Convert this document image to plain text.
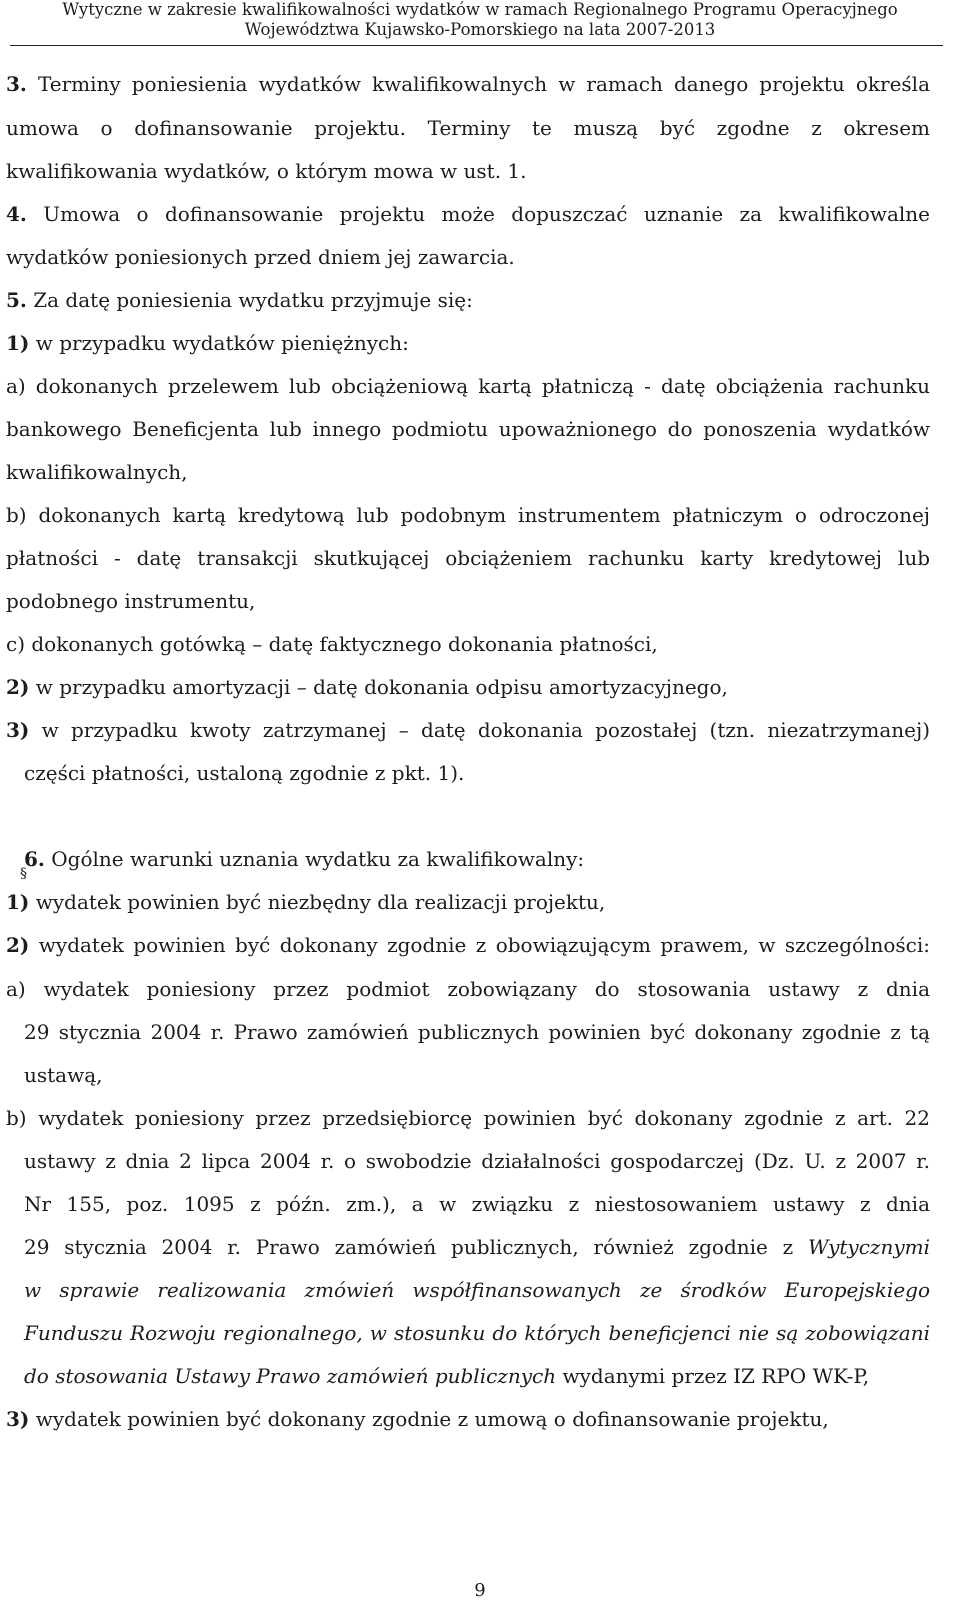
Wytyczne w zakresie kwalifikowalności wydatków w ramach Regionalnego Programu Operacyjnego
Województwa Kujawsko-Pomorskiego na lata 2007-2013
3. Terminy poniesienia wydatków kwalifikowalnych w ramach danego projektu określa
umowa o dofinansowanie projektu. Terminy te muszą być zgodne z okresem
kwalifikowania wydatków, o którym mowa w ust. 1.
4. Umowa o dofinansowanie projektu może dopuszczać uznanie za kwalifikowalne
wydatków poniesionych przed dniem jej zawarcia.
5. Za datę poniesienia wydatku przyjmuje się:
1) w przypadku wydatków pieniężnych:
a) dokonanych przelewem lub obciążeniową kartą płatniczą - datę obciążenia rachunku
bankowego Beneficjenta lub innego podmiotu upoważnionego do ponoszenia wydatków
kwalifikowalnych,
b) dokonanych kartą kredytową lub podobnym instrumentem płatniczym o odroczonej
płatności - datę transakcji skutkującej obciążeniem rachunku karty kredytowej lub
podobnego instrumentu,
c) dokonanych gotówką – datę faktycznego dokonania płatności,
2) w przypadku amortyzacji – datę dokonania odpisu amortyzacyjnego,
3) w przypadku kwoty zatrzymanej – datę dokonania pozostałej (tzn. niezatrzymanej)
części płatności, ustaloną zgodnie z pkt. 1).
§
6. Ogólne warunki uznania wydatku za kwalifikowalny:
1) wydatek powinien być niezbędny dla realizacji projektu,
2) wydatek powinien być dokonany zgodnie z obowiązującym prawem, w szczególności:
a) wydatek poniesiony przez podmiot zobowiązany do stosowania ustawy z dnia
29 stycznia 2004 r. Prawo zamówień publicznych powinien być dokonany zgodnie z tą
ustawą,
b) wydatek poniesiony przez przedsiębiorcę powinien być dokonany zgodnie z art. 22
ustawy z dnia 2 lipca 2004 r. o swobodzie działalności gospodarczej (Dz. U. z 2007 r.
Nr 155, poz. 1095 z późn. zm.), a w związku z niestosowaniem ustawy z dnia
29 stycznia 2004 r. Prawo zamówień publicznych, również zgodnie z Wytycznymi
w sprawie realizowania zmówień współfinansowanych ze środków Europejskiego
Funduszu Rozwoju regionalnego, w stosunku do których beneficjenci nie są zobowiązani
do stosowania Ustawy Prawo zamówień publicznych wydanymi przez IZ RPO WK-P,
3) wydatek powinien być dokonany zgodnie z umową o dofinansowanie projektu,
9
